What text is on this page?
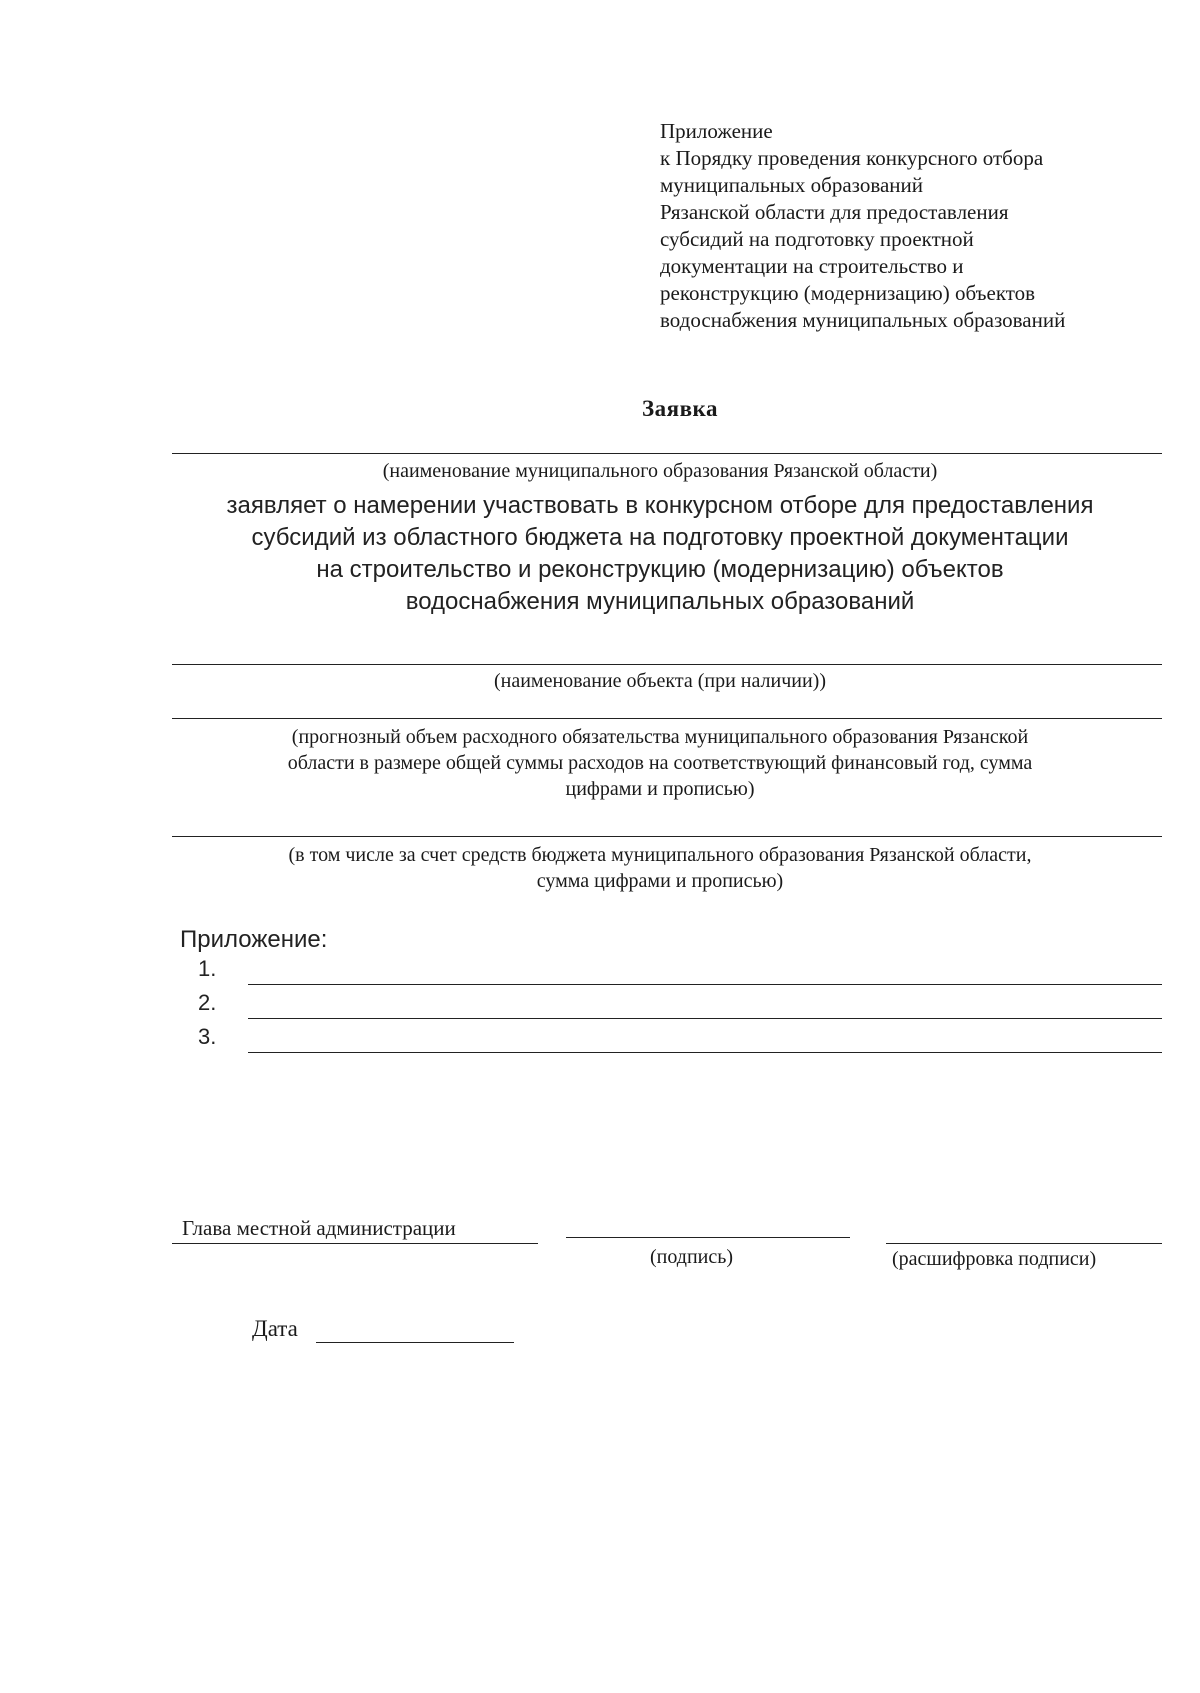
Приложение
к Порядку проведения конкурсного отбора
муниципальных образований
Рязанской области для предоставления
субсидий на подготовку проектной
документации на строительство и
реконструкцию (модернизацию) объектов
водоснабжения муниципальных образований
Заявка
(наименование муниципального образования Рязанской области)
заявляет о намерении участвовать в конкурсном отборе для предоставления
субсидий из областного бюджета на подготовку проектной документации
на строительство и реконструкцию (модернизацию) объектов
водоснабжения муниципальных образований
(наименование объекта (при наличии))
(прогнозный объем расходного обязательства муниципального образования Рязанской
области в размере общей суммы расходов на соответствующий финансовый год, сумма
цифрами и прописью)
(в том числе за счет средств бюджета муниципального образования Рязанской области,
сумма цифрами и прописью)
Приложение:
1.
2.
3.
Глава местной администрации
(подпись)	(расшифровка подписи)
Дата
